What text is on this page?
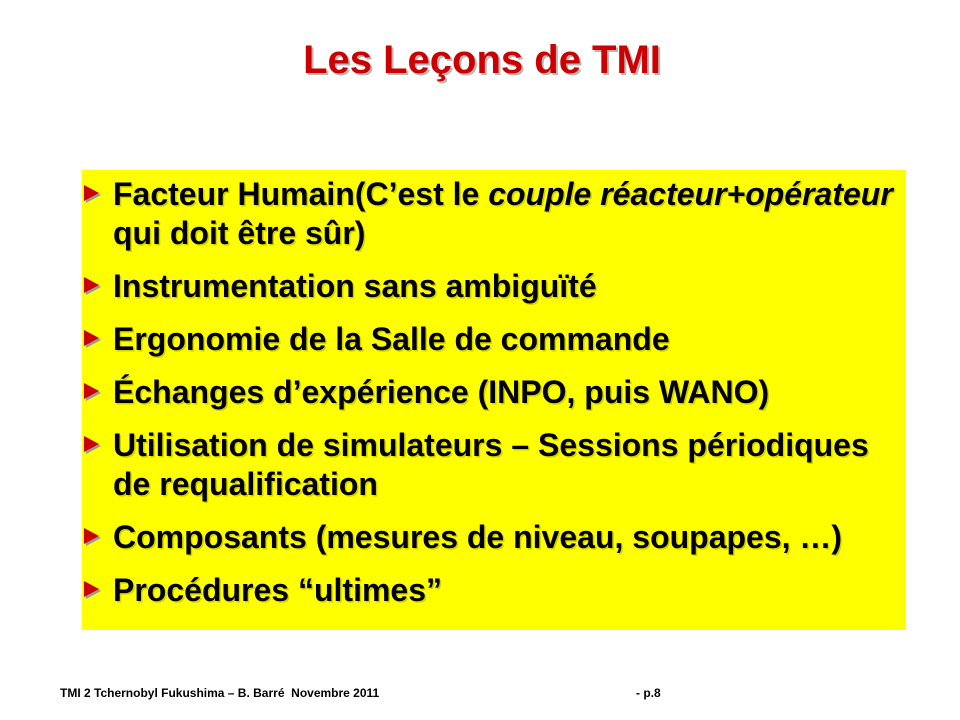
Les Leçons de TMI
Facteur Humain(C’est le couple réacteur+opérateur
qui doit être sûr)
Instrumentation sans ambiguïté
Ergonomie de la Salle de commande
Échanges d’expérience (INPO, puis WANO)
Utilisation de simulateurs – Sessions périodiques
de requalification
Composants (mesures de niveau, soupapes, …)
Procédures “ultimes”
TMI 2 Tchernobyl Fukushima – B. Barré  Novembre 2011	- p.8
